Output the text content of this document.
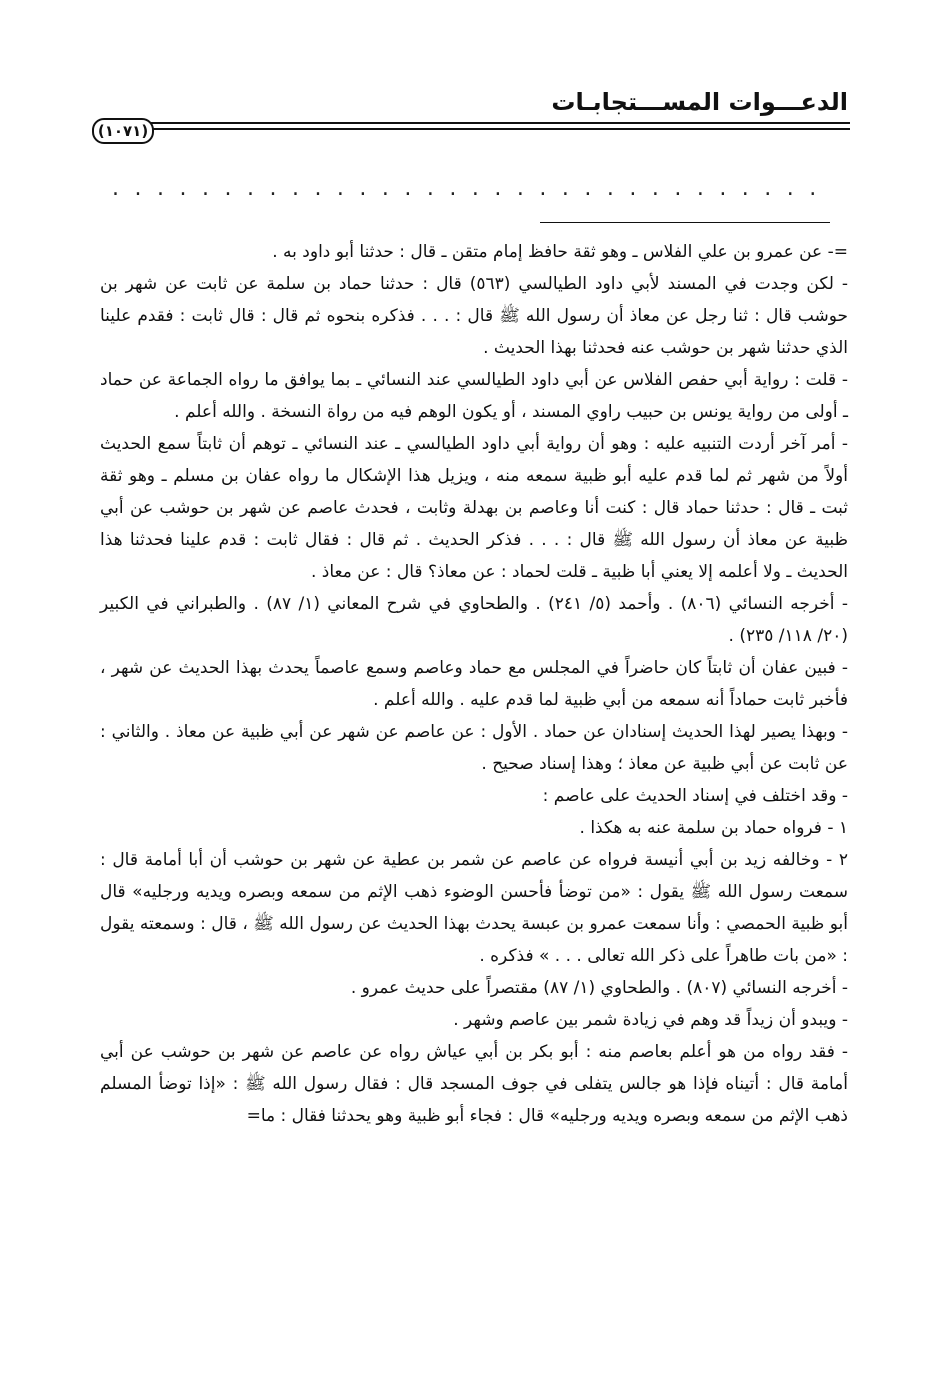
الدعـــوات المســـتجابـات
(١٠٧١)
................................

=- عن عمرو بن علي الفلاس ـ وهو ثقة حافظ إمام متقن ـ قال : حدثنا أبو داود به .

- لكن وجدت في المسند لأبي داود الطيالسي (٥٦٣) قال : حدثنا حماد بن سلمة عن ثابت عن شهر بن حوشب قال : ثنا رجل عن معاذ أن رسول الله ﷺ قال : . . . فذكره بنحوه ثم قال : قال ثابت : فقدم علينا الذي حدثنا شهر بن حوشب عنه فحدثنا بهذا الحديث .

- قلت : رواية أبي حفص الفلاس عن أبي داود الطيالسي عند النسائي ـ بما يوافق ما رواه الجماعة عن حماد ـ أولى من رواية يونس بن حبيب راوي المسند ، أو يكون الوهم فيه من رواة النسخة . والله أعلم .

- أمر آخر أردت التنبيه عليه : وهو أن رواية أبي داود الطيالسي ـ عند النسائي ـ توهم أن ثابتاً سمع الحديث أولاً من شهر ثم لما قدم عليه أبو ظبية سمعه منه ، ويزيل هذا الإشكال ما رواه عفان بن مسلم ـ وهو ثقة ثبت ـ قال : حدثنا حماد قال : كنت أنا وعاصم بن بهدلة وثابت ، فحدث عاصم عن شهر بن حوشب عن أبي ظبية عن معاذ أن رسول الله ﷺ قال : . . . فذكر الحديث . ثم قال : فقال ثابت : قدم علينا فحدثنا هذا الحديث ـ ولا أعلمه إلا يعني أبا ظبية ـ قلت لحماد : عن معاذ؟ قال : عن معاذ .

- أخرجه النسائي (٨٠٦) . وأحمد (٥/ ٢٤١) . والطحاوي في شرح المعاني (١/ ٨٧) . والطبراني في الكبير (٢٠/ ١١٨/ ٢٣٥) .

- فبين عفان أن ثابتاً كان حاضراً في المجلس مع حماد وعاصم وسمع عاصماً يحدث بهذا الحديث عن شهر ، فأخبر ثابت حماداً أنه سمعه من أبي ظبية لما قدم عليه . والله أعلم .

- وبهذا يصير لهذا الحديث إسنادان عن حماد . الأول : عن عاصم عن شهر عن أبي ظبية عن معاذ . والثاني : عن ثابت عن أبي ظبية عن معاذ ؛ وهذا إسناد صحيح .

- وقد اختلف في إسناد الحديث على عاصم :

١ - فرواه حماد بن سلمة عنه به هكذا .

٢ - وخالفه زيد بن أبي أنيسة فرواه عن عاصم عن شمر بن عطية عن شهر بن حوشب أن أبا أمامة قال : سمعت رسول الله ﷺ يقول : «من توضأ فأحسن الوضوء ذهب الإثم من سمعه وبصره ويديه ورجليه» قال أبو ظبية الحمصي : وأنا سمعت عمرو بن عبسة يحدث بهذا الحديث عن رسول الله ﷺ ، قال : وسمعته يقول : «من بات طاهراً على ذكر الله تعالى . . . » فذكره .

- أخرجه النسائي (٨٠٧) . والطحاوي (١/ ٨٧) مقتصراً على حديث عمرو .

- ويبدو أن زيداً قد وهم في زيادة شمر بين عاصم وشهر .

- فقد رواه من هو أعلم بعاصم منه : أبو بكر بن أبي عياش رواه عن عاصم عن شهر بن حوشب عن أبي أمامة قال : أتيناه فإذا هو جالس يتفلى في جوف المسجد قال : فقال رسول الله ﷺ : «إذا توضأ المسلم ذهب الإثم من سمعه وبصره ويديه ورجليه» قال : فجاء أبو ظبية وهو يحدثنا فقال : ما=
